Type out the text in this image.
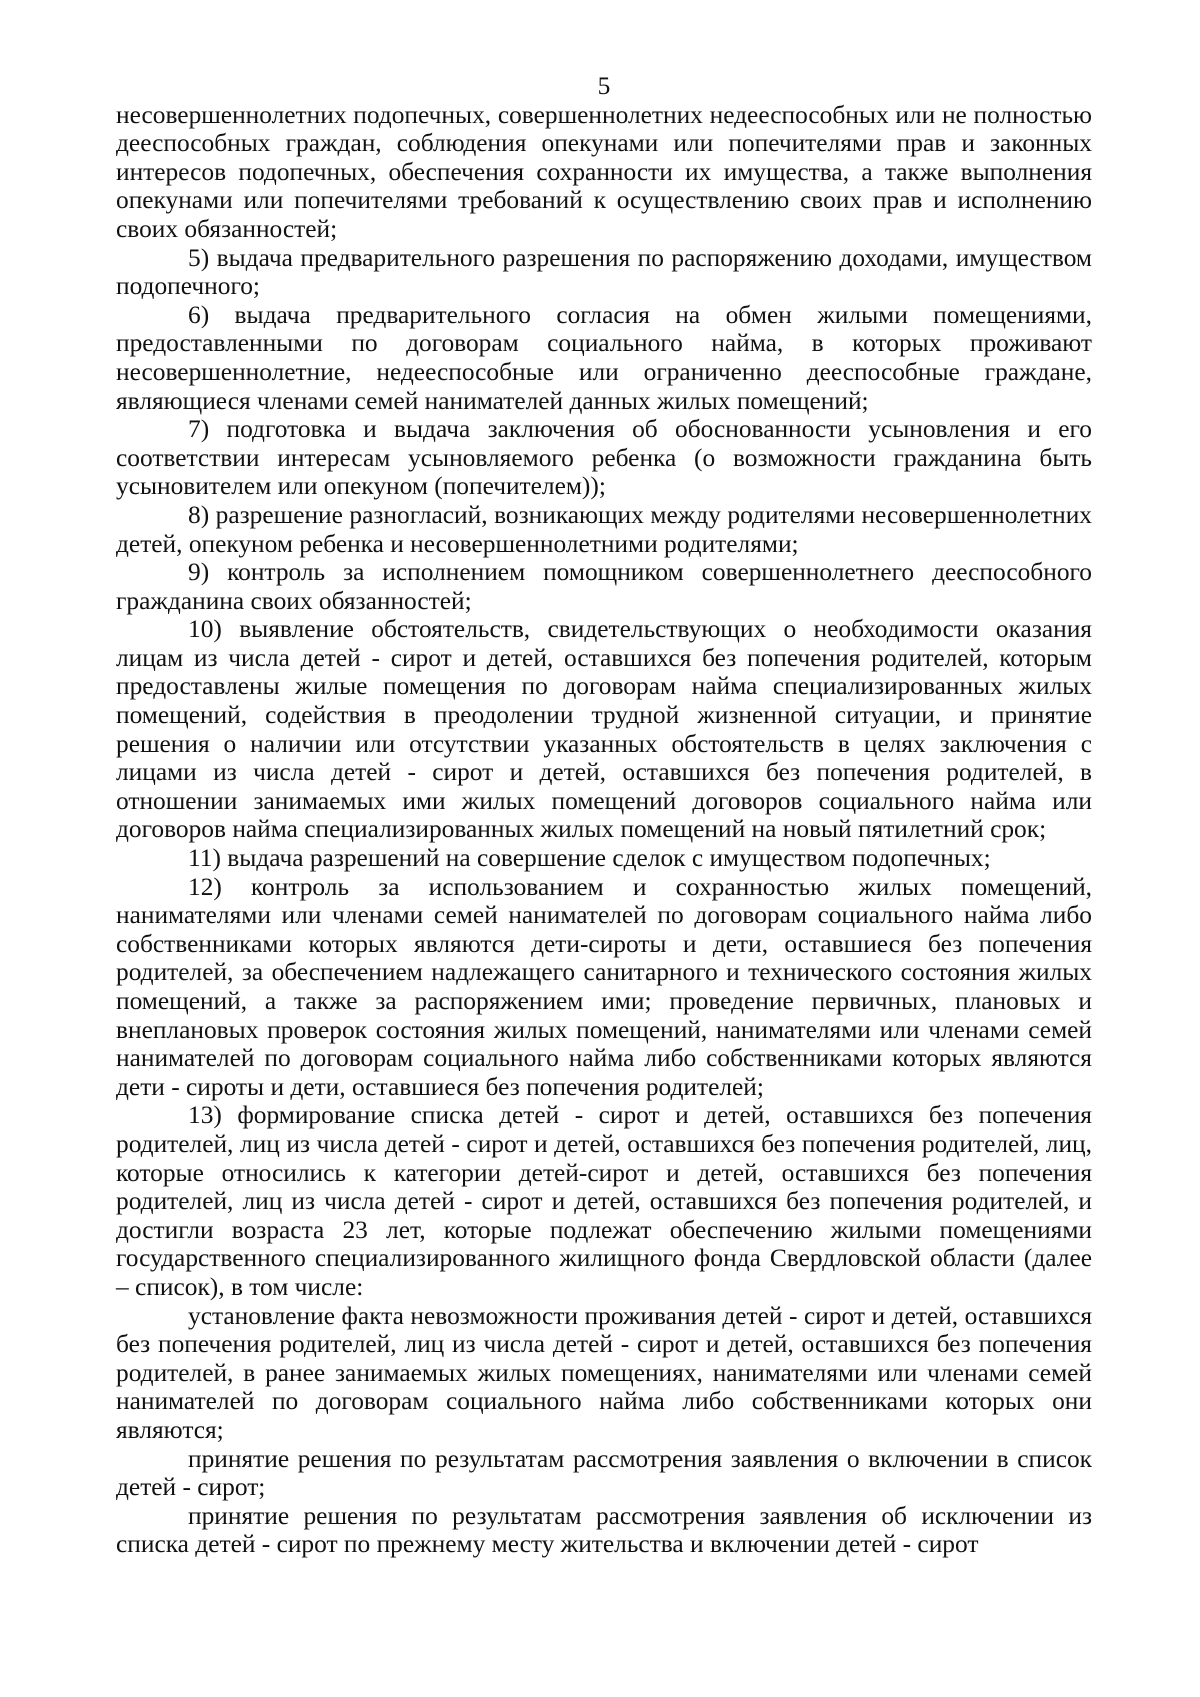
5

несовершеннолетних подопечных, совершеннолетних недееспособных или не полностью дееспособных граждан, соблюдения опекунами или попечителями прав и законных интересов подопечных, обеспечения сохранности их имущества, а также выполнения опекунами или попечителями требований к осуществлению своих прав и исполнению своих обязанностей;

5) выдача предварительного разрешения по распоряжению доходами, имуществом подопечного;

6) выдача предварительного согласия на обмен жилыми помещениями, предоставленными по договорам социального найма, в которых проживают несовершеннолетние, недееспособные или ограниченно дееспособные граждане, являющиеся членами семей нанимателей данных жилых помещений;

7) подготовка и выдача заключения об обоснованности усыновления и его соответствии интересам усыновляемого ребенка (о возможности гражданина быть усыновителем или опекуном (попечителем));

8) разрешение разногласий, возникающих между родителями несовершеннолетних детей, опекуном ребенка и несовершеннолетними родителями;

9) контроль за исполнением помощником совершеннолетнего дееспособного гражданина своих обязанностей;

10) выявление обстоятельств, свидетельствующих о необходимости оказания лицам из числа детей - сирот и детей, оставшихся без попечения родителей, которым предоставлены жилые помещения по договорам найма специализированных жилых помещений, содействия в преодолении трудной жизненной ситуации, и принятие решения о наличии или отсутствии указанных обстоятельств в целях заключения с лицами из числа детей - сирот и детей, оставшихся без попечения родителей, в отношении занимаемых ими жилых помещений договоров социального найма или договоров найма специализированных жилых помещений на новый пятилетний срок;

11) выдача разрешений на совершение сделок с имуществом подопечных;

12) контроль за использованием и сохранностью жилых помещений, нанимателями или членами семей нанимателей по договорам социального найма либо собственниками которых являются дети-сироты и дети, оставшиеся без попечения родителей, за обеспечением надлежащего санитарного и технического состояния жилых помещений, а также за распоряжением ими; проведение первичных, плановых и внеплановых проверок состояния жилых помещений, нанимателями или членами семей нанимателей по договорам социального найма либо собственниками которых являются дети - сироты и дети, оставшиеся без попечения родителей;

13) формирование списка детей - сирот и детей, оставшихся без попечения родителей, лиц из числа детей - сирот и детей, оставшихся без попечения родителей, лиц, которые относились к категории детей-сирот и детей, оставшихся без попечения родителей, лиц из числа детей - сирот и детей, оставшихся без попечения родителей, и достигли возраста 23 лет, которые подлежат обеспечению жилыми помещениями государственного специализированного жилищного фонда Свердловской области (далее – список), в том числе:

установление факта невозможности проживания детей - сирот и детей, оставшихся без попечения родителей, лиц из числа детей - сирот и детей, оставшихся без попечения родителей, в ранее занимаемых жилых помещениях, нанимателями или членами семей нанимателей по договорам социального найма либо собственниками которых они являются;

принятие решения по результатам рассмотрения заявления о включении в список детей - сирот;

принятие решения по результатам рассмотрения заявления об исключении из списка детей - сирот по прежнему месту жительства и включении детей - сирот
